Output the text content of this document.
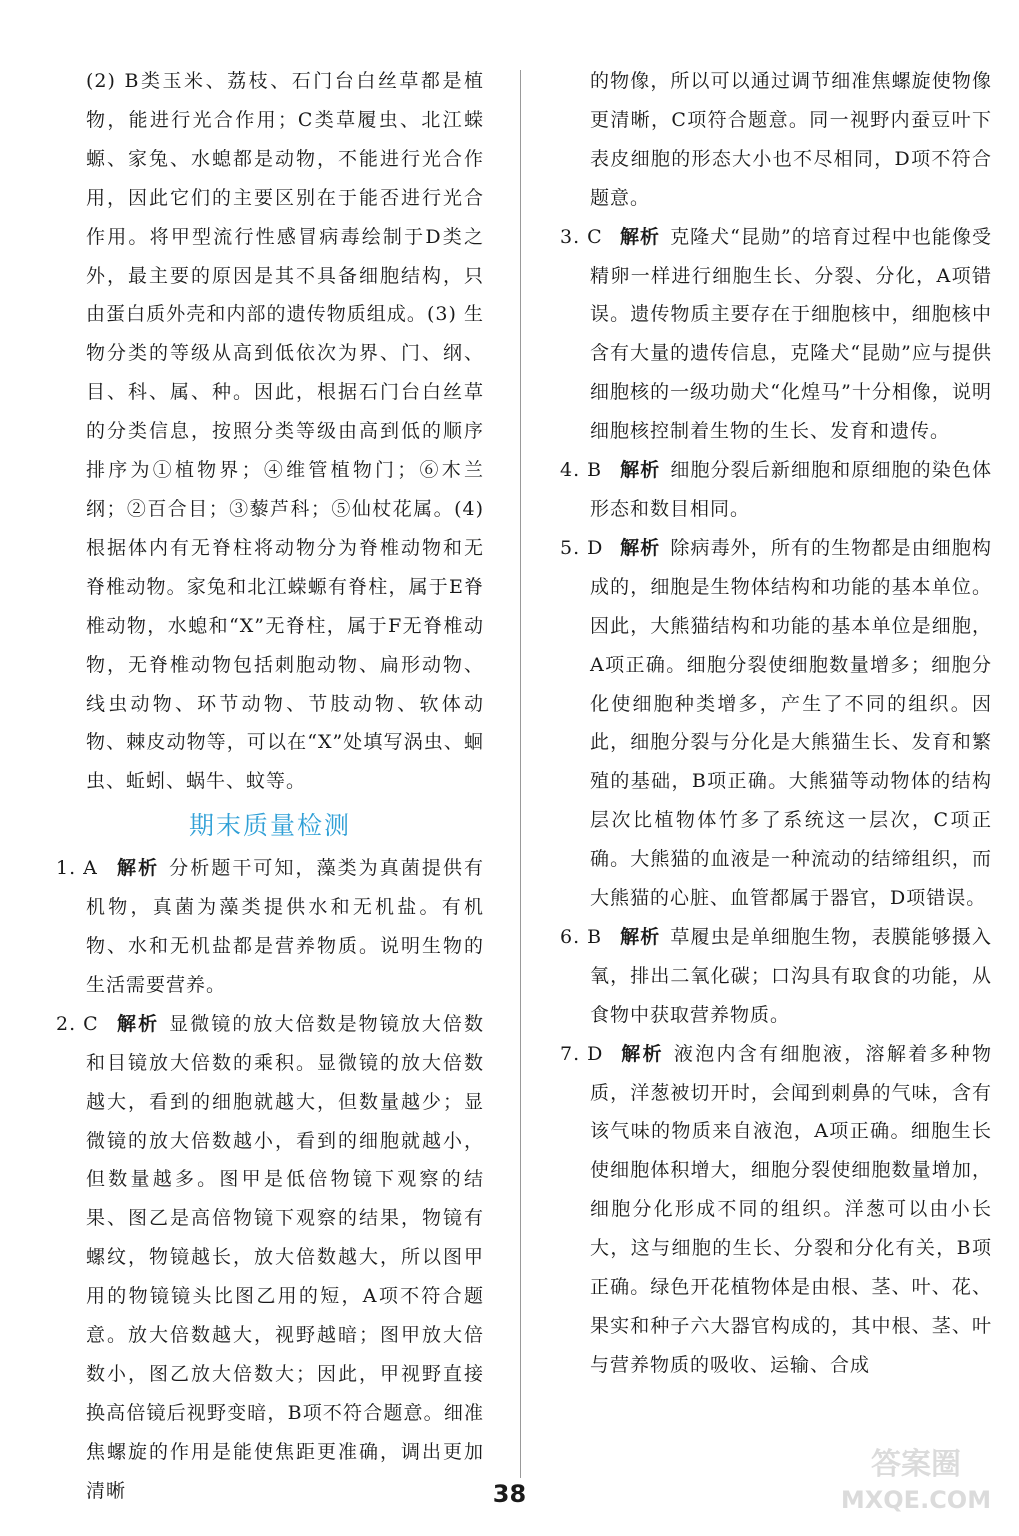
(2) B类玉米、荔枝、石门台白丝草都是植物，能进行光合作用；C类草履虫、北江蝾螈、家兔、水螅都是动物，不能进行光合作用，因此它们的主要区别在于能否进行光合作用。将甲型流行性感冒病毒绘制于D类之外，最主要的原因是其不具备细胞结构，只由蛋白质外壳和内部的遗传物质组成。(3) 生物分类的等级从高到低依次为界、门、纲、目、科、属、种。因此，根据石门台白丝草的分类信息，按照分类等级由高到低的顺序排序为①植物界；④维管植物门；⑥木兰纲；②百合目；③藜芦科；⑤仙杖花属。(4) 根据体内有无脊柱将动物分为脊椎动物和无脊椎动物。家兔和北江蝾螈有脊柱，属于E脊椎动物，水螅和“X”无脊柱，属于F无脊椎动物，无脊椎动物包括刺胞动物、扁形动物、线虫动物、环节动物、节肢动物、软体动物、棘皮动物等，可以在“X”处填写涡虫、蛔虫、蚯蚓、蜗牛、蚊等。

期末质量检测

1. A 解析 分析题干可知，藻类为真菌提供有机物，真菌为藻类提供水和无机盐。有机物、水和无机盐都是营养物质。说明生物的生活需要营养。

2. C 解析 显微镜的放大倍数是物镜放大倍数和目镜放大倍数的乘积。显微镜的放大倍数越大，看到的细胞就越大，但数量越少；显微镜的放大倍数越小，看到的细胞就越小，但数量越多。图甲是低倍物镜下观察的结果、图乙是高倍物镜下观察的结果，物镜有螺纹，物镜越长，放大倍数越大，所以图甲用的物镜镜头比图乙用的短，A项不符合题意。放大倍数越大，视野越暗；图甲放大倍数小，图乙放大倍数大；因此，甲视野直接换高倍镜后视野变暗，B项不符合题意。细准焦螺旋的作用是能使焦距更准确，调出更加清晰

的物像，所以可以通过调节细准焦螺旋使物像更清晰，C项符合题意。同一视野内蚕豆叶下表皮细胞的形态大小也不尽相同，D项不符合题意。

3. C 解析 克隆犬“昆勋”的培育过程中也能像受精卵一样进行细胞生长、分裂、分化，A项错误。遗传物质主要存在于细胞核中，细胞核中含有大量的遗传信息，克隆犬“昆勋”应与提供细胞核的一级功勋犬“化煌马”十分相像，说明细胞核控制着生物的生长、发育和遗传。

4. B 解析 细胞分裂后新细胞和原细胞的染色体形态和数目相同。

5. D 解析 除病毒外，所有的生物都是由细胞构成的，细胞是生物体结构和功能的基本单位。因此，大熊猫结构和功能的基本单位是细胞，A项正确。细胞分裂使细胞数量增多；细胞分化使细胞种类增多，产生了不同的组织。因此，细胞分裂与分化是大熊猫生长、发育和繁殖的基础，B项正确。大熊猫等动物体的结构层次比植物体竹多了系统这一层次，C项正确。大熊猫的血液是一种流动的结缔组织，而大熊猫的心脏、血管都属于器官，D项错误。

6. B 解析 草履虫是单细胞生物，表膜能够摄入氧，排出二氧化碳；口沟具有取食的功能，从食物中获取营养物质。

7. D 解析 液泡内含有细胞液，溶解着多种物质，洋葱被切开时，会闻到刺鼻的气味，含有该气味的物质来自液泡，A项正确。细胞生长使细胞体积增大，细胞分裂使细胞数量增加，细胞分化形成不同的组织。洋葱可以由小长大，这与细胞的生长、分裂和分化有关，B项正确。绿色开花植物体是由根、茎、叶、花、果实和种子六大器官构成的，其中根、茎、叶与营养物质的吸收、运输、合成

38
答案圈
MXQE.COM
